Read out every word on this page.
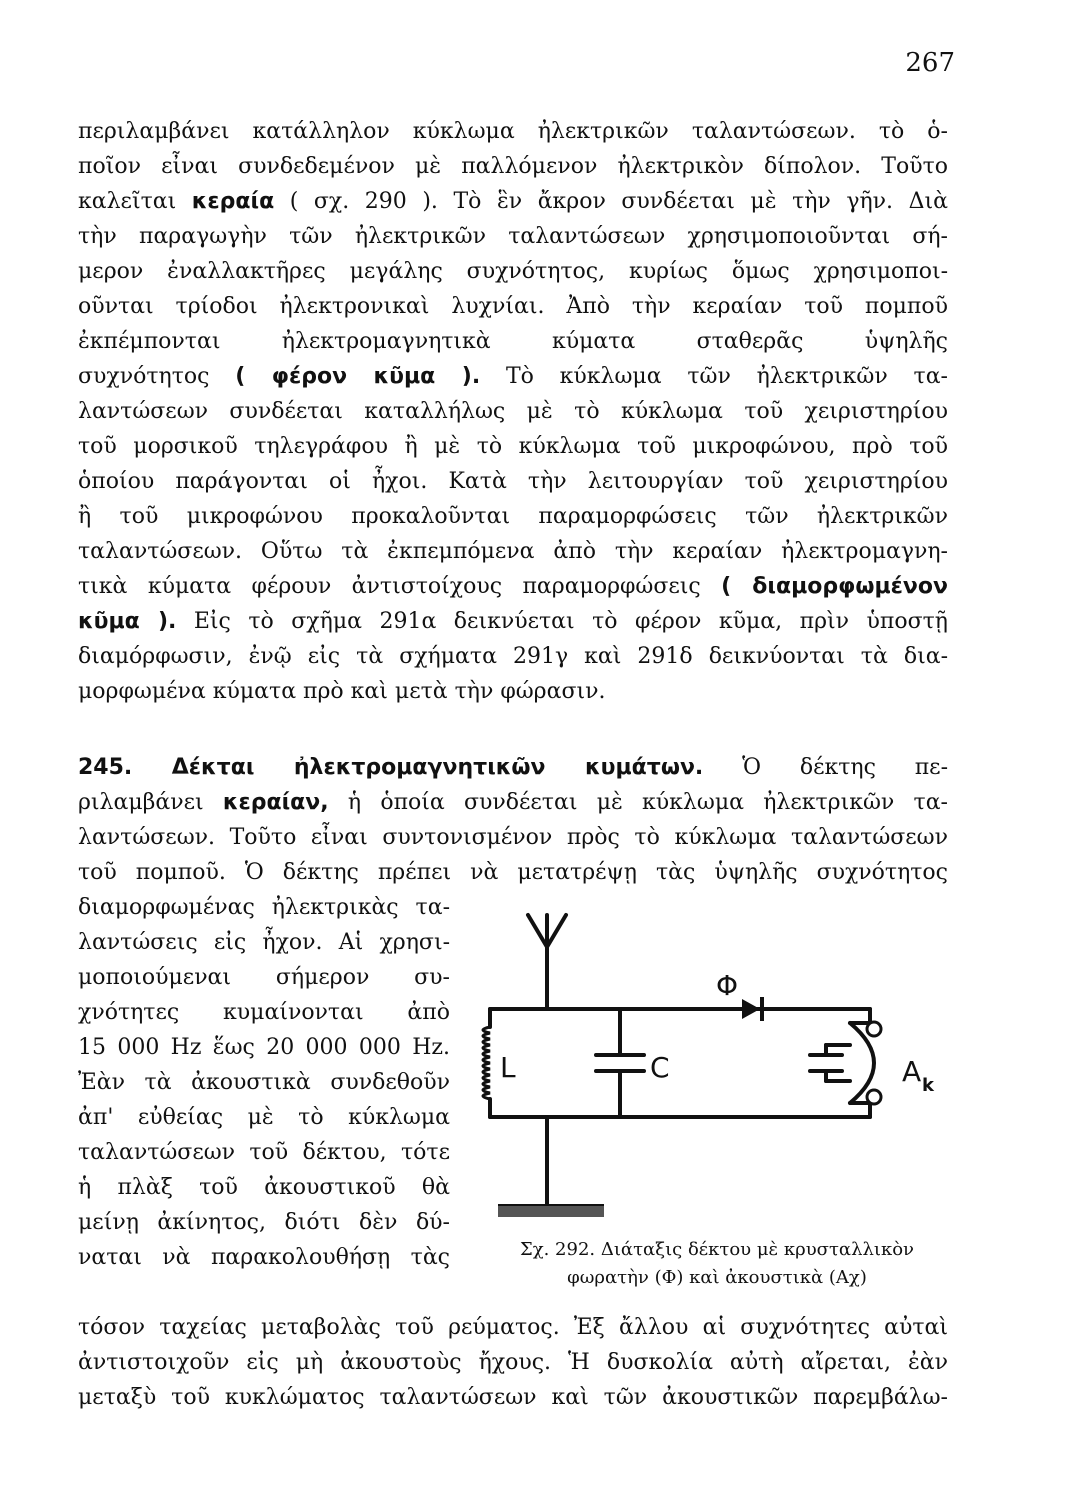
267

περιλαμβάνει κατάλληλον κύκλωμα ἠλεκτρικῶν ταλαντώσεων. τὸ ὁ-

ποῖον εἶναι συνδεδεμένον μὲ παλλόμενον ἠλεκτρικὸν δίπολον. Τοῦτο

καλεῖται κεραία ( σχ. 290 ). Τὸ ἓν ἄκρον συνδέεται μὲ τὴν γῆν. Διὰ

τὴν παραγωγὴν τῶν ἠλεκτρικῶν ταλαντώσεων χρησιμοποιοῦνται σή-

μερον ἐναλλακτῆρες μεγάλης συχνότητος, κυρίως ὅμως χρησιμοποι-

οῦνται τρίοδοι ἠλεκτρονικαὶ λυχνίαι. Ἀπὸ τὴν κεραίαν τοῦ πομποῦ

ἐκπέμπονται ἠλεκτρομαγνητικὰ κύματα σταθερᾶς ὑψηλῆς

συχνότητος ( φέρον κῦμα ). Τὸ κύκλωμα τῶν ἠλεκτρικῶν τα-

λαντώσεων συνδέεται καταλλήλως μὲ τὸ κύκλωμα τοῦ χειριστηρίου

τοῦ μορσικοῦ τηλεγράφου ἢ μὲ τὸ κύκλωμα τοῦ μικροφώνου, πρὸ τοῦ

ὁποίου παράγονται οἱ ἦχοι. Κατὰ τὴν λειτουργίαν τοῦ χειριστηρίου

ἢ τοῦ μικροφώνου προκαλοῦνται παραμορφώσεις τῶν ἠλεκτρικῶν

ταλαντώσεων. Οὕτω τὰ ἐκπεμπόμενα ἀπὸ τὴν κεραίαν ἠλεκτρομαγνη-

τικὰ κύματα φέρουν ἀντιστοίχους παραμορφώσεις ( διαμορφωμένον

κῦμα ). Εἰς τὸ σχῆμα 291α δεικνύεται τὸ φέρον κῦμα, πρὶν ὑποστῇ

διαμόρφωσιν, ἐνῷ εἰς τὰ σχήματα 291γ καὶ 291δ δεικνύονται τὰ δια-

μορφωμένα κύματα πρὸ καὶ μετὰ τὴν φώρασιν.

245. Δέκται ἠλεκτρομαγνητικῶν κυμάτων. Ὁ δέκτης πε-

ριλαμβάνει κεραίαν, ἡ ὁποία συνδέεται μὲ κύκλωμα ἠλεκτρικῶν τα-

λαντώσεων. Τοῦτο εἶναι συντονισμένον πρὸς τὸ κύκλωμα ταλαντώσεων

τοῦ πομποῦ. Ὁ δέκτης πρέπει νὰ μετατρέψῃ τὰς ὑψηλῆς συχνότητος

διαμορφωμένας ἠλεκτρικὰς τα-

λαντώσεις εἰς ἦχον. Αἱ χρησι-

μοποιούμεναι σήμερον συ-

χνότητες κυμαίνονται ἀπὸ

15 000 Hz ἕως 20 000 000 Hz.

Ἐὰν τὰ ἀκουστικὰ συνδεθοῦν

ἀπ' εὐθείας μὲ τὸ κύκλωμα

ταλαντώσεων τοῦ δέκτου, τότε

ἡ πλὰξ τοῦ ἀκουστικοῦ θὰ

μείνῃ ἀκίνητος, διότι δὲν δύ-

ναται νὰ παρακολουθήσῃ τὰς

τόσον ταχείας μεταβολὰς τοῦ ρεύματος. Ἐξ ἄλλου αἱ συχνότητες αὐταὶ

ἀντιστοιχοῦν εἰς μὴ ἀκουστοὺς ἤχους. Ἡ δυσκολία αὐτὴ αἴρεται, ἐὰν

μεταξὺ τοῦ κυκλώματος ταλαντώσεων καὶ τῶν ἀκουστικῶν παρεμβάλω-

L	C
Φ
A k

Σχ. 292. Διάταξις δέκτου μὲ κρυσταλλικὸν

φωρατὴν (Φ) καὶ ἀκουστικὰ (Αχ)
